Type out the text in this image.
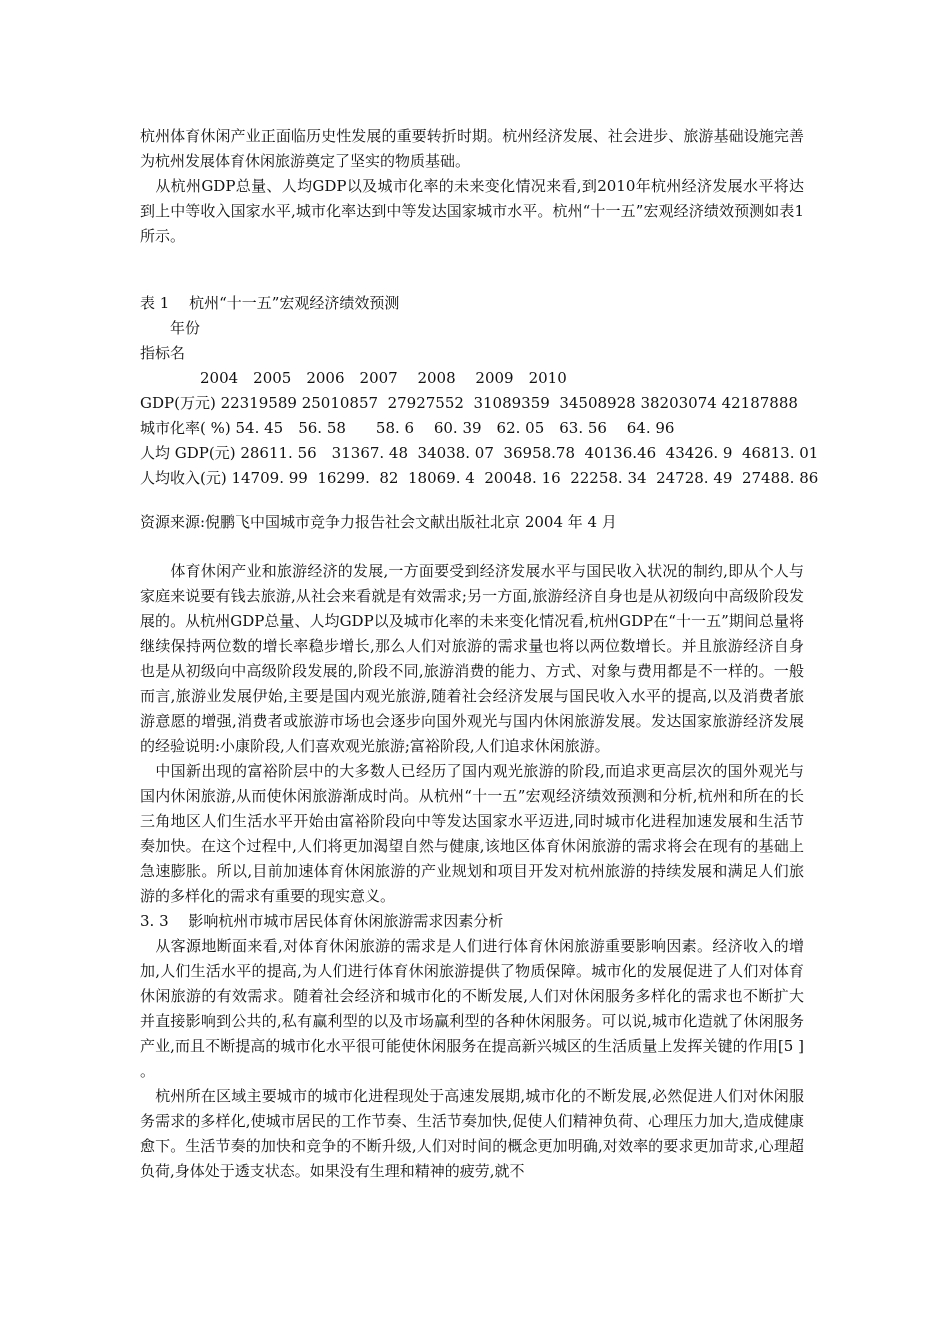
杭州体育休闲产业正面临历史性发展的重要转折时期。杭州经济发展、社会进步、旅游基础设施完善为杭州发展体育休闲旅游奠定了坚实的物质基础。

　从杭州GDP总量、人均GDP以及城市化率的未来变化情况来看,到2010年杭州经济发展水平将达到上中等收入国家水平,城市化率达到中等发达国家城市水平。杭州“十一五”宏观经济绩效预测如表1所示。

表 1　 杭州“十一五”宏观经济绩效预测
　　年份
指标名
　　　　2004　2005　2006　2007　 2008　 2009　2010
GDP(万元) 22319589 25010857  27927552  31089359  34508928 38203074 42187888
城市化率( %) 54. 45　56. 58　　58. 6　 60. 39　62. 05　63. 56　 64. 96
人均 GDP(元) 28611. 56　31367. 48  34038. 07  36958.78  40136.46  43426. 9  46813. 01
人均收入(元) 14709. 99  16299.  82  18069. 4  20048. 16  22258. 34  24728. 49  27488. 86
资源来源:倪鹏飞中国城市竞争力报告社会文献出版社北京 2004 年 4 月

　　体育休闲产业和旅游经济的发展,一方面要受到经济发展水平与国民收入状况的制约,即从个人与家庭来说要有钱去旅游,从社会来看就是有效需求;另一方面,旅游经济自身也是从初级向中高级阶段发展的。从杭州GDP总量、人均GDP以及城市化率的未来变化情况看,杭州GDP在“十一五”期间总量将继续保持两位数的增长率稳步增长,那么人们对旅游的需求量也将以两位数增长。并且旅游经济自身也是从初级向中高级阶段发展的,阶段不同,旅游消费的能力、方式、对象与费用都是不一样的。一般而言,旅游业发展伊始,主要是国内观光旅游,随着社会经济发展与国民收入水平的提高,以及消费者旅游意愿的增强,消费者或旅游市场也会逐步向国外观光与国内休闲旅游发展。发达国家旅游经济发展的经验说明:小康阶段,人们喜欢观光旅游;富裕阶段,人们追求休闲旅游。

　中国新出现的富裕阶层中的大多数人已经历了国内观光旅游的阶段,而追求更高层次的国外观光与国内休闲旅游,从而使休闲旅游渐成时尚。从杭州“十一五”宏观经济绩效预测和分析,杭州和所在的长三角地区人们生活水平开始由富裕阶段向中等发达国家水平迈进,同时城市化进程加速发展和生活节奏加快。在这个过程中,人们将更加渴望自然与健康,该地区体育休闲旅游的需求将会在现有的基础上急速膨胀。所以,目前加速体育休闲旅游的产业规划和项目开发对杭州旅游的持续发展和满足人们旅游的多样化的需求有重要的现实意义。

3. 3　 影响杭州市城市居民体育休闲旅游需求因素分析

　从客源地断面来看,对体育休闲旅游的需求是人们进行体育休闲旅游重要影响因素。经济收入的增加,人们生活水平的提高,为人们进行体育休闲旅游提供了物质保障。城市化的发展促进了人们对体育休闲旅游的有效需求。随着社会经济和城市化的不断发展,人们对休闲服务多样化的需求也不断扩大并直接影响到公共的,私有赢利型的以及市场赢利型的各种休闲服务。可以说,城市化造就了休闲服务产业,而且不断提高的城市化水平很可能使休闲服务在提高新兴城区的生活质量上发挥关键的作用[5 ] 。

　杭州所在区域主要城市的城市化进程现处于高速发展期,城市化的不断发展,必然促进人们对休闲服务需求的多样化,使城市居民的工作节奏、生活节奏加快,促使人们精神负荷、心理压力加大,造成健康愈下。生活节奏的加快和竞争的不断升级,人们对时间的概念更加明确,对效率的要求更加苛求,心理超负荷,身体处于透支状态。如果没有生理和精神的疲劳,就不
